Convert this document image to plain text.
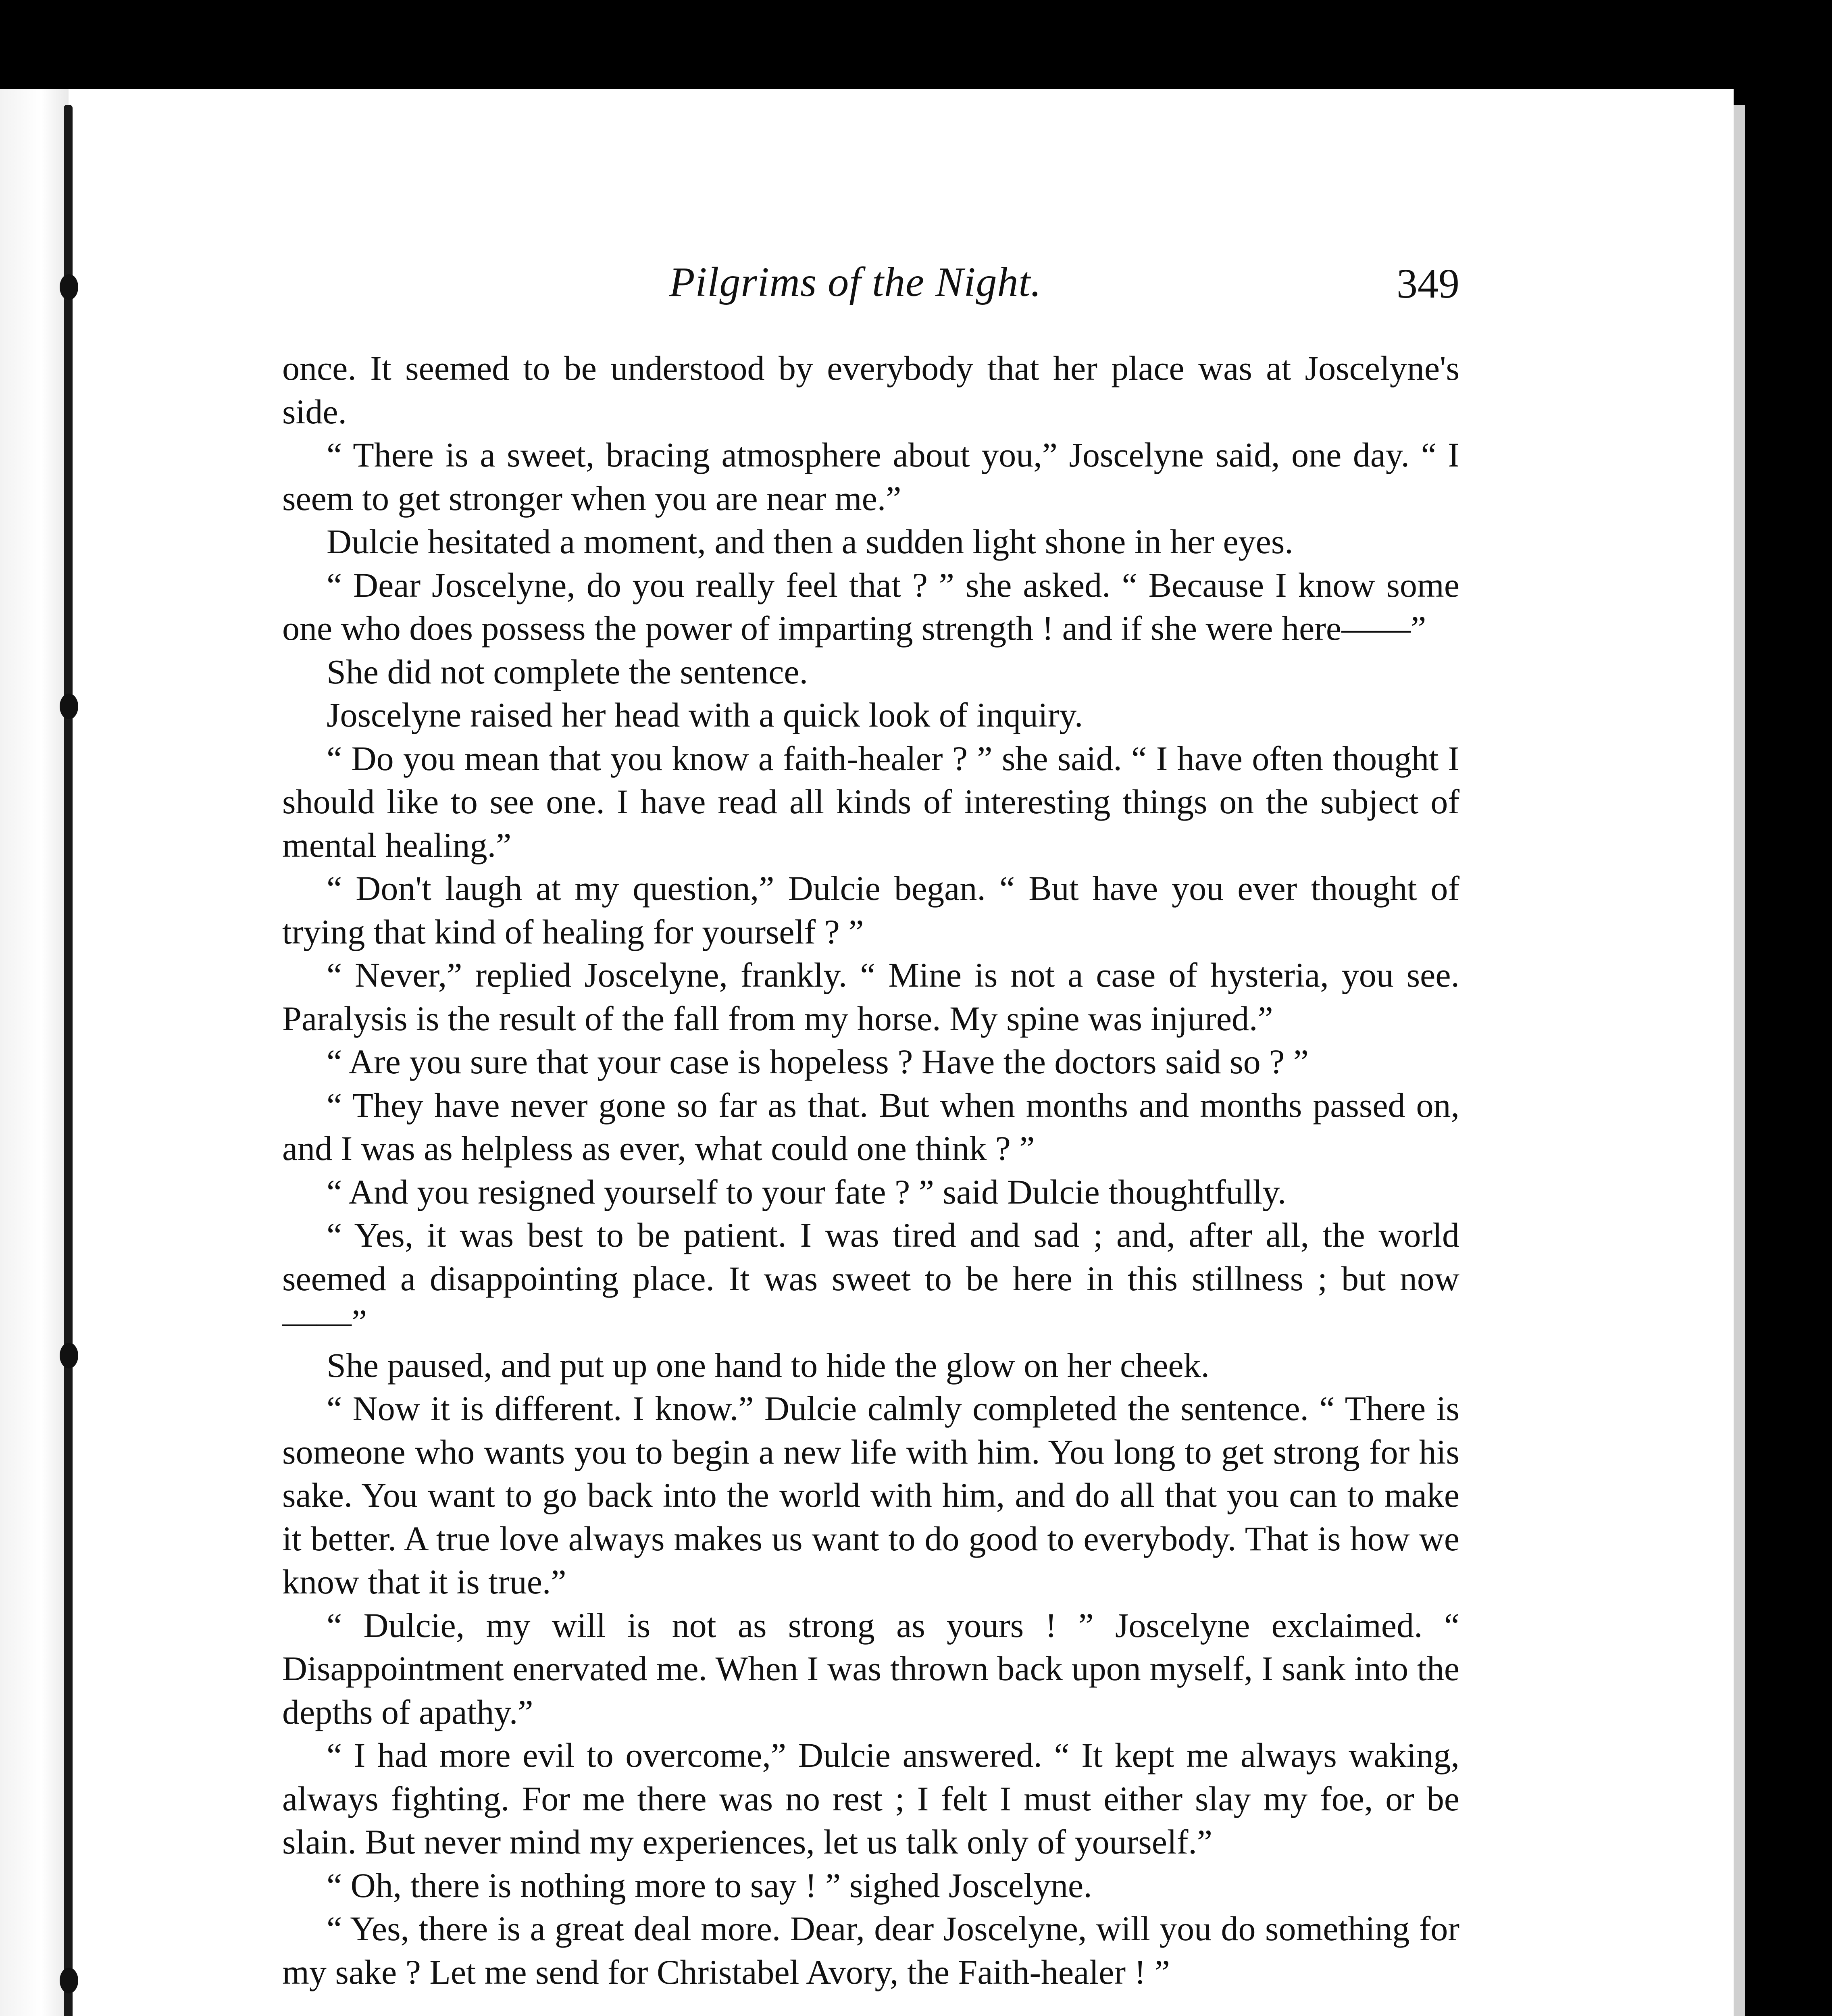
Pilgrims of the Night.	349

once. It seemed to be understood by everybody that her place was at Joscelyne's side.

“ There is a sweet, bracing atmosphere about you,” Joscelyne said, one day. “ I seem to get stronger when you are near me.”

Dulcie hesitated a moment, and then a sudden light shone in her eyes.

“ Dear Joscelyne, do you really feel that ? ” she asked. “ Because I know some one who does possess the power of imparting strength ! and if she were here——”

She did not complete the sentence.

Joscelyne raised her head with a quick look of inquiry.

“ Do you mean that you know a faith-healer ? ” she said. “ I have often thought I should like to see one. I have read all kinds of interesting things on the subject of mental healing.”

“ Don't laugh at my question,” Dulcie began. “ But have you ever thought of trying that kind of healing for yourself ? ”

“ Never,” replied Joscelyne, frankly. “ Mine is not a case of hysteria, you see. Paralysis is the result of the fall from my horse. My spine was injured.”

“ Are you sure that your case is hopeless ? Have the doctors said so ? ”

“ They have never gone so far as that. But when months and months passed on, and I was as helpless as ever, what could one think ? ”

“ And you resigned yourself to your fate ? ” said Dulcie thoughtfully.

“ Yes, it was best to be patient. I was tired and sad ; and, after all, the world seemed a disappointing place. It was sweet to be here in this stillness ; but now——”

She paused, and put up one hand to hide the glow on her cheek.

“ Now it is different. I know.” Dulcie calmly completed the sentence. “ There is someone who wants you to begin a new life with him. You long to get strong for his sake. You want to go back into the world with him, and do all that you can to make it better. A true love always makes us want to do good to everybody. That is how we know that it is true.”

“ Dulcie, my will is not as strong as yours ! ” Joscelyne exclaimed. “ Disappointment enervated me. When I was thrown back upon myself, I sank into the depths of apathy.”

“ I had more evil to overcome,” Dulcie answered. “ It kept me always waking, always fighting. For me there was no rest ; I felt I must either slay my foe, or be slain. But never mind my experiences, let us talk only of yourself.”

“ Oh, there is nothing more to say ! ” sighed Joscelyne.

“ Yes, there is a great deal more. Dear, dear Joscelyne, will you do something for my sake ? Let me send for Christabel Avory, the Faith-healer ! ”
